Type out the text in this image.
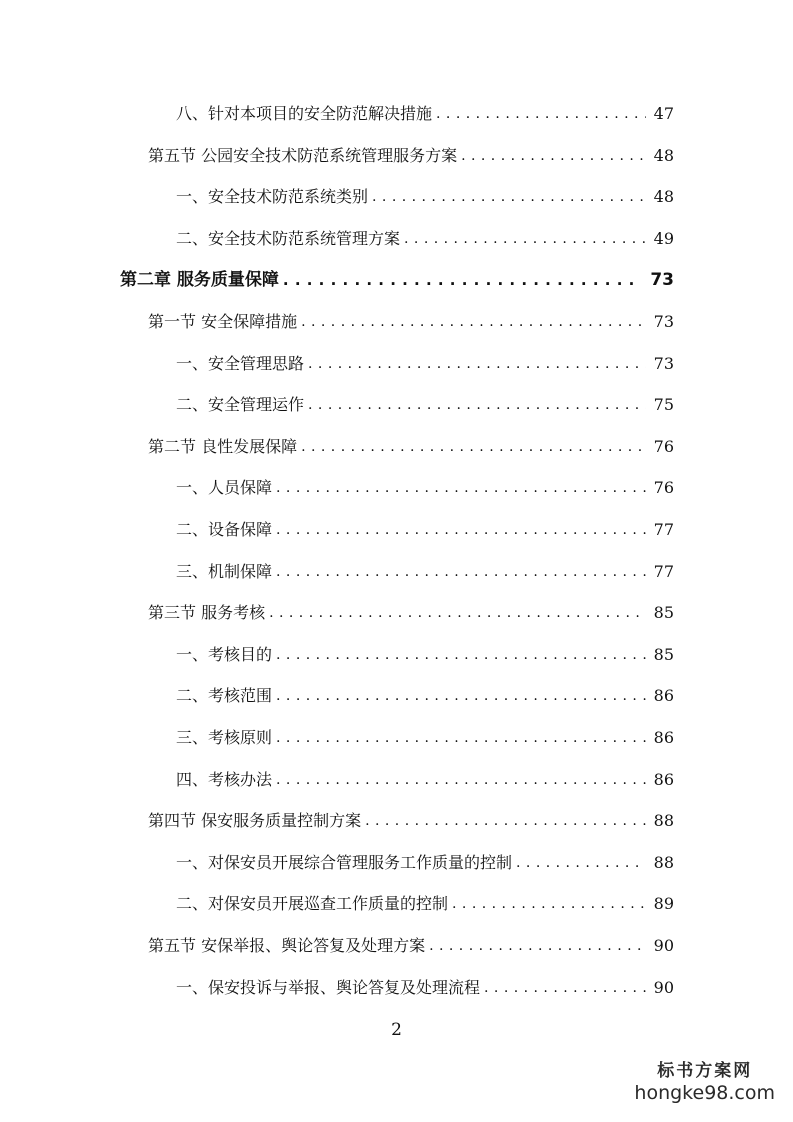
八、针对本项目的安全防范解决措施 . . .	47
第五节 公园安全技术防范系统管理服务方案 . . .	48
一、安全技术防范系统类别 . . .	48
二、安全技术防范系统管理方案 . . .	49
第二章 服务质量保障 . . .	73
第一节 安全保障措施 . . .	73
一、安全管理思路 . . .	73
二、安全管理运作 . . .	75
第二节 良性发展保障 . . .	76
一、人员保障 . . .	76
二、设备保障 . . .	77
三、机制保障 . . .	77
第三节 服务考核 . . .	85
一、考核目的 . . .	85
二、考核范围 . . .	86
三、考核原则 . . .	86
四、考核办法 . . .	86
第四节 保安服务质量控制方案 . . .	88
一、对保安员开展综合管理服务工作质量的控制 . . .	88
二、对保安员开展巡查工作质量的控制 . . .	89
第五节 安保举报、舆论答复及处理方案 . . .	90
一、保安投诉与举报、舆论答复及处理流程 . . .	90
2
标书方案网
hongke98.com
